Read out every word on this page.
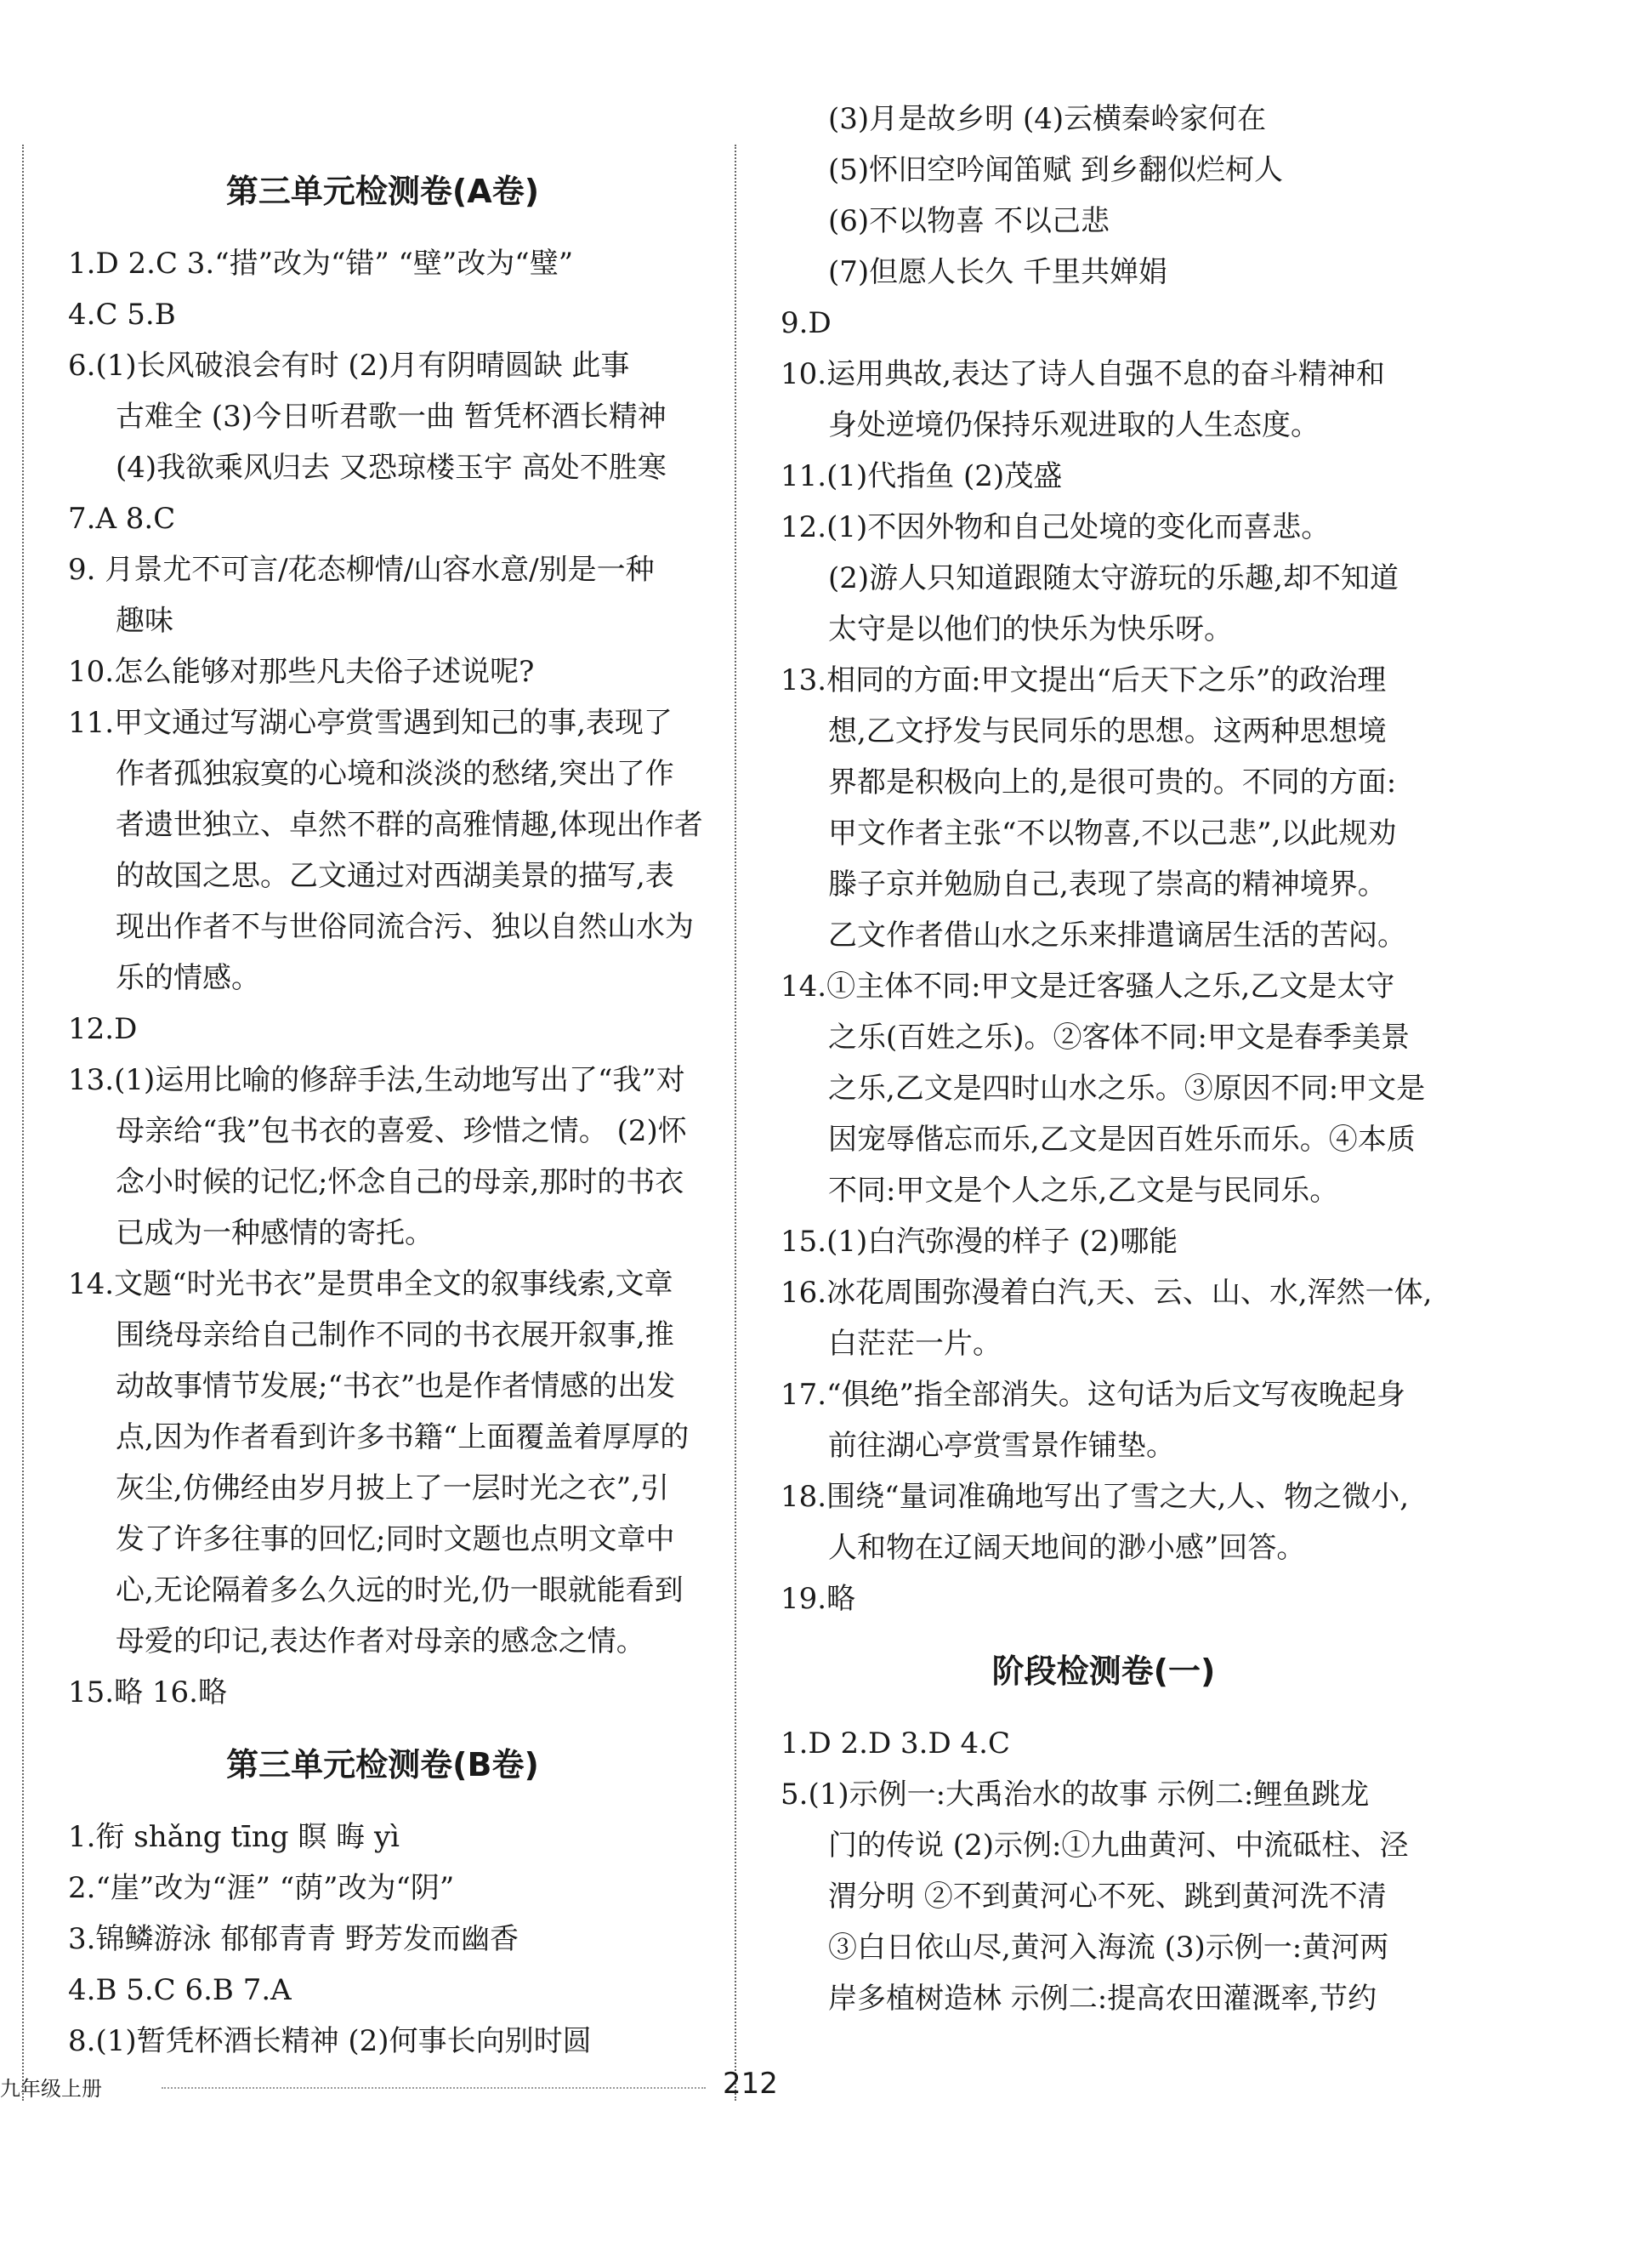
第三单元检测卷(A卷)
1.D 2.C 3.“措”改为“错” “壁”改为“璧”
4.C 5.B
6.(1)长风破浪会有时 (2)月有阴晴圆缺 此事
古难全 (3)今日听君歌一曲 暂凭杯酒长精神
(4)我欲乘风归去 又恐琼楼玉宇 高处不胜寒
7.A 8.C
9. 月景尤不可言/花态柳情/山容水意/别是一种
趣味
10.怎么能够对那些凡夫俗子述说呢?
11.甲文通过写湖心亭赏雪遇到知己的事,表现了
作者孤独寂寞的心境和淡淡的愁绪,突出了作
者遗世独立、卓然不群的高雅情趣,体现出作者
的故国之思。乙文通过对西湖美景的描写,表
现出作者不与世俗同流合污、独以自然山水为
乐的情感。
12.D
13.(1)运用比喻的修辞手法,生动地写出了“我”对
母亲给“我”包书衣的喜爱、珍惜之情。 (2)怀
念小时候的记忆;怀念自己的母亲,那时的书衣
已成为一种感情的寄托。
14.文题“时光书衣”是贯串全文的叙事线索,文章
围绕母亲给自己制作不同的书衣展开叙事,推
动故事情节发展;“书衣”也是作者情感的出发
点,因为作者看到许多书籍“上面覆盖着厚厚的
灰尘,仿佛经由岁月披上了一层时光之衣”,引
发了许多往事的回忆;同时文题也点明文章中
心,无论隔着多么久远的时光,仍一眼就能看到
母爱的印记,表达作者对母亲的感念之情。
15.略 16.略
第三单元检测卷(B卷)
1.衔 shǎng tīng 瞑 晦 yì
2.“崖”改为“涯” “荫”改为“阴”
3.锦鳞游泳 郁郁青青 野芳发而幽香
4.B 5.C 6.B 7.A
8.(1)暂凭杯酒长精神 (2)何事长向别时圆
(3)月是故乡明 (4)云横秦岭家何在
(5)怀旧空吟闻笛赋 到乡翻似烂柯人
(6)不以物喜 不以己悲
(7)但愿人长久 千里共婵娟
9.D
10.运用典故,表达了诗人自强不息的奋斗精神和
身处逆境仍保持乐观进取的人生态度。
11.(1)代指鱼 (2)茂盛
12.(1)不因外物和自己处境的变化而喜悲。
(2)游人只知道跟随太守游玩的乐趣,却不知道
太守是以他们的快乐为快乐呀。
13.相同的方面:甲文提出“后天下之乐”的政治理
想,乙文抒发与民同乐的思想。这两种思想境
界都是积极向上的,是很可贵的。不同的方面:
甲文作者主张“不以物喜,不以己悲”,以此规劝
滕子京并勉励自己,表现了崇高的精神境界。
乙文作者借山水之乐来排遣谪居生活的苦闷。
14.①主体不同:甲文是迁客骚人之乐,乙文是太守
之乐(百姓之乐)。②客体不同:甲文是春季美景
之乐,乙文是四时山水之乐。③原因不同:甲文是
因宠辱偕忘而乐,乙文是因百姓乐而乐。④本质
不同:甲文是个人之乐,乙文是与民同乐。
15.(1)白汽弥漫的样子 (2)哪能
16.冰花周围弥漫着白汽,天、云、山、水,浑然一体,
白茫茫一片。
17.“俱绝”指全部消失。这句话为后文写夜晚起身
前往湖心亭赏雪景作铺垫。
18.围绕“量词准确地写出了雪之大,人、物之微小,
人和物在辽阔天地间的渺小感”回答。
19.略
阶段检测卷(一)
1.D 2.D 3.D 4.C
5.(1)示例一:大禹治水的故事 示例二:鲤鱼跳龙
门的传说 (2)示例:①九曲黄河、中流砥柱、泾
渭分明 ②不到黄河心不死、跳到黄河洗不清
③白日依山尽,黄河入海流 (3)示例一:黄河两
岸多植树造林 示例二:提高农田灌溉率,节约
九年级上册	212
